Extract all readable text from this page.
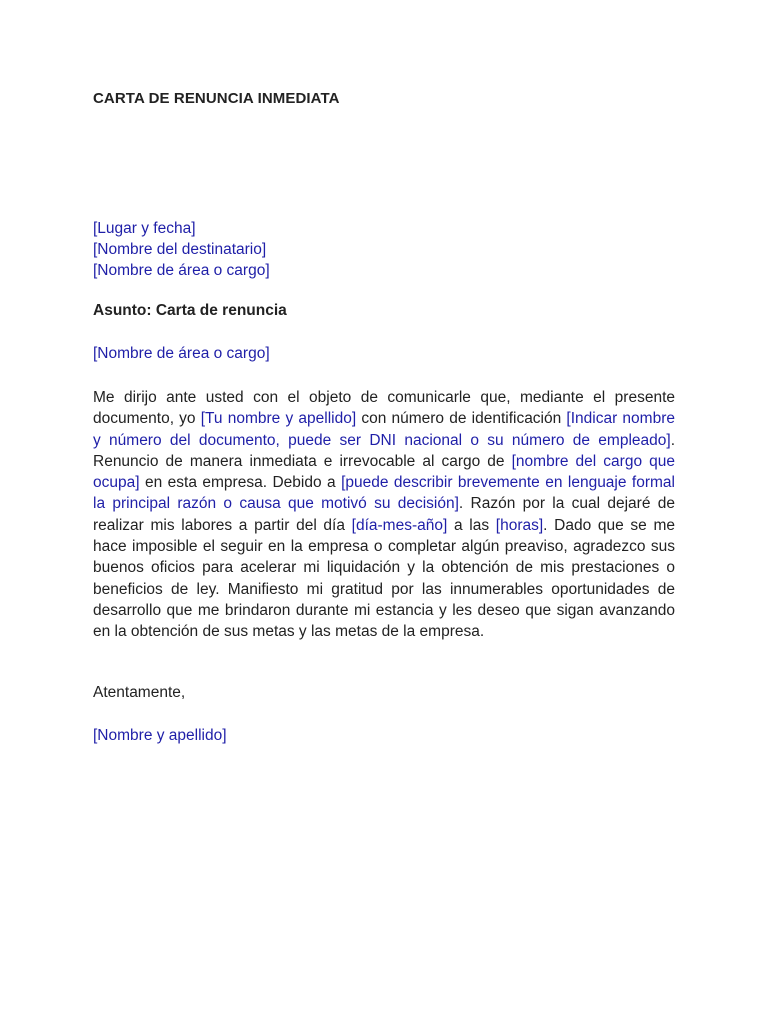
CARTA DE RENUNCIA INMEDIATA
[Lugar y fecha]
[Nombre del destinatario]
[Nombre de área o cargo]
Asunto: Carta de renuncia
[Nombre de área o cargo]
Me dirijo ante usted con el objeto de comunicarle que, mediante el presente documento, yo [Tu nombre y apellido] con número de identificación [Indicar nombre y número del documento, puede ser DNI nacional o su número de empleado]. Renuncio de manera inmediata e irrevocable al cargo de [nombre del cargo que ocupa] en esta empresa. Debido a [puede describir brevemente en lenguaje formal la principal razón o causa que motivó su decisión]. Razón por la cual dejaré de realizar mis labores a partir del día [día-mes-año] a las [horas]. Dado que se me hace imposible el seguir en la empresa o completar algún preaviso, agradezco sus buenos oficios para acelerar mi liquidación y la obtención de mis prestaciones o beneficios de ley. Manifiesto mi gratitud por las innumerables oportunidades de desarrollo que me brindaron durante mi estancia y les deseo que sigan avanzando en la obtención de sus metas y las metas de la empresa.
Atentamente,
[Nombre y apellido]
